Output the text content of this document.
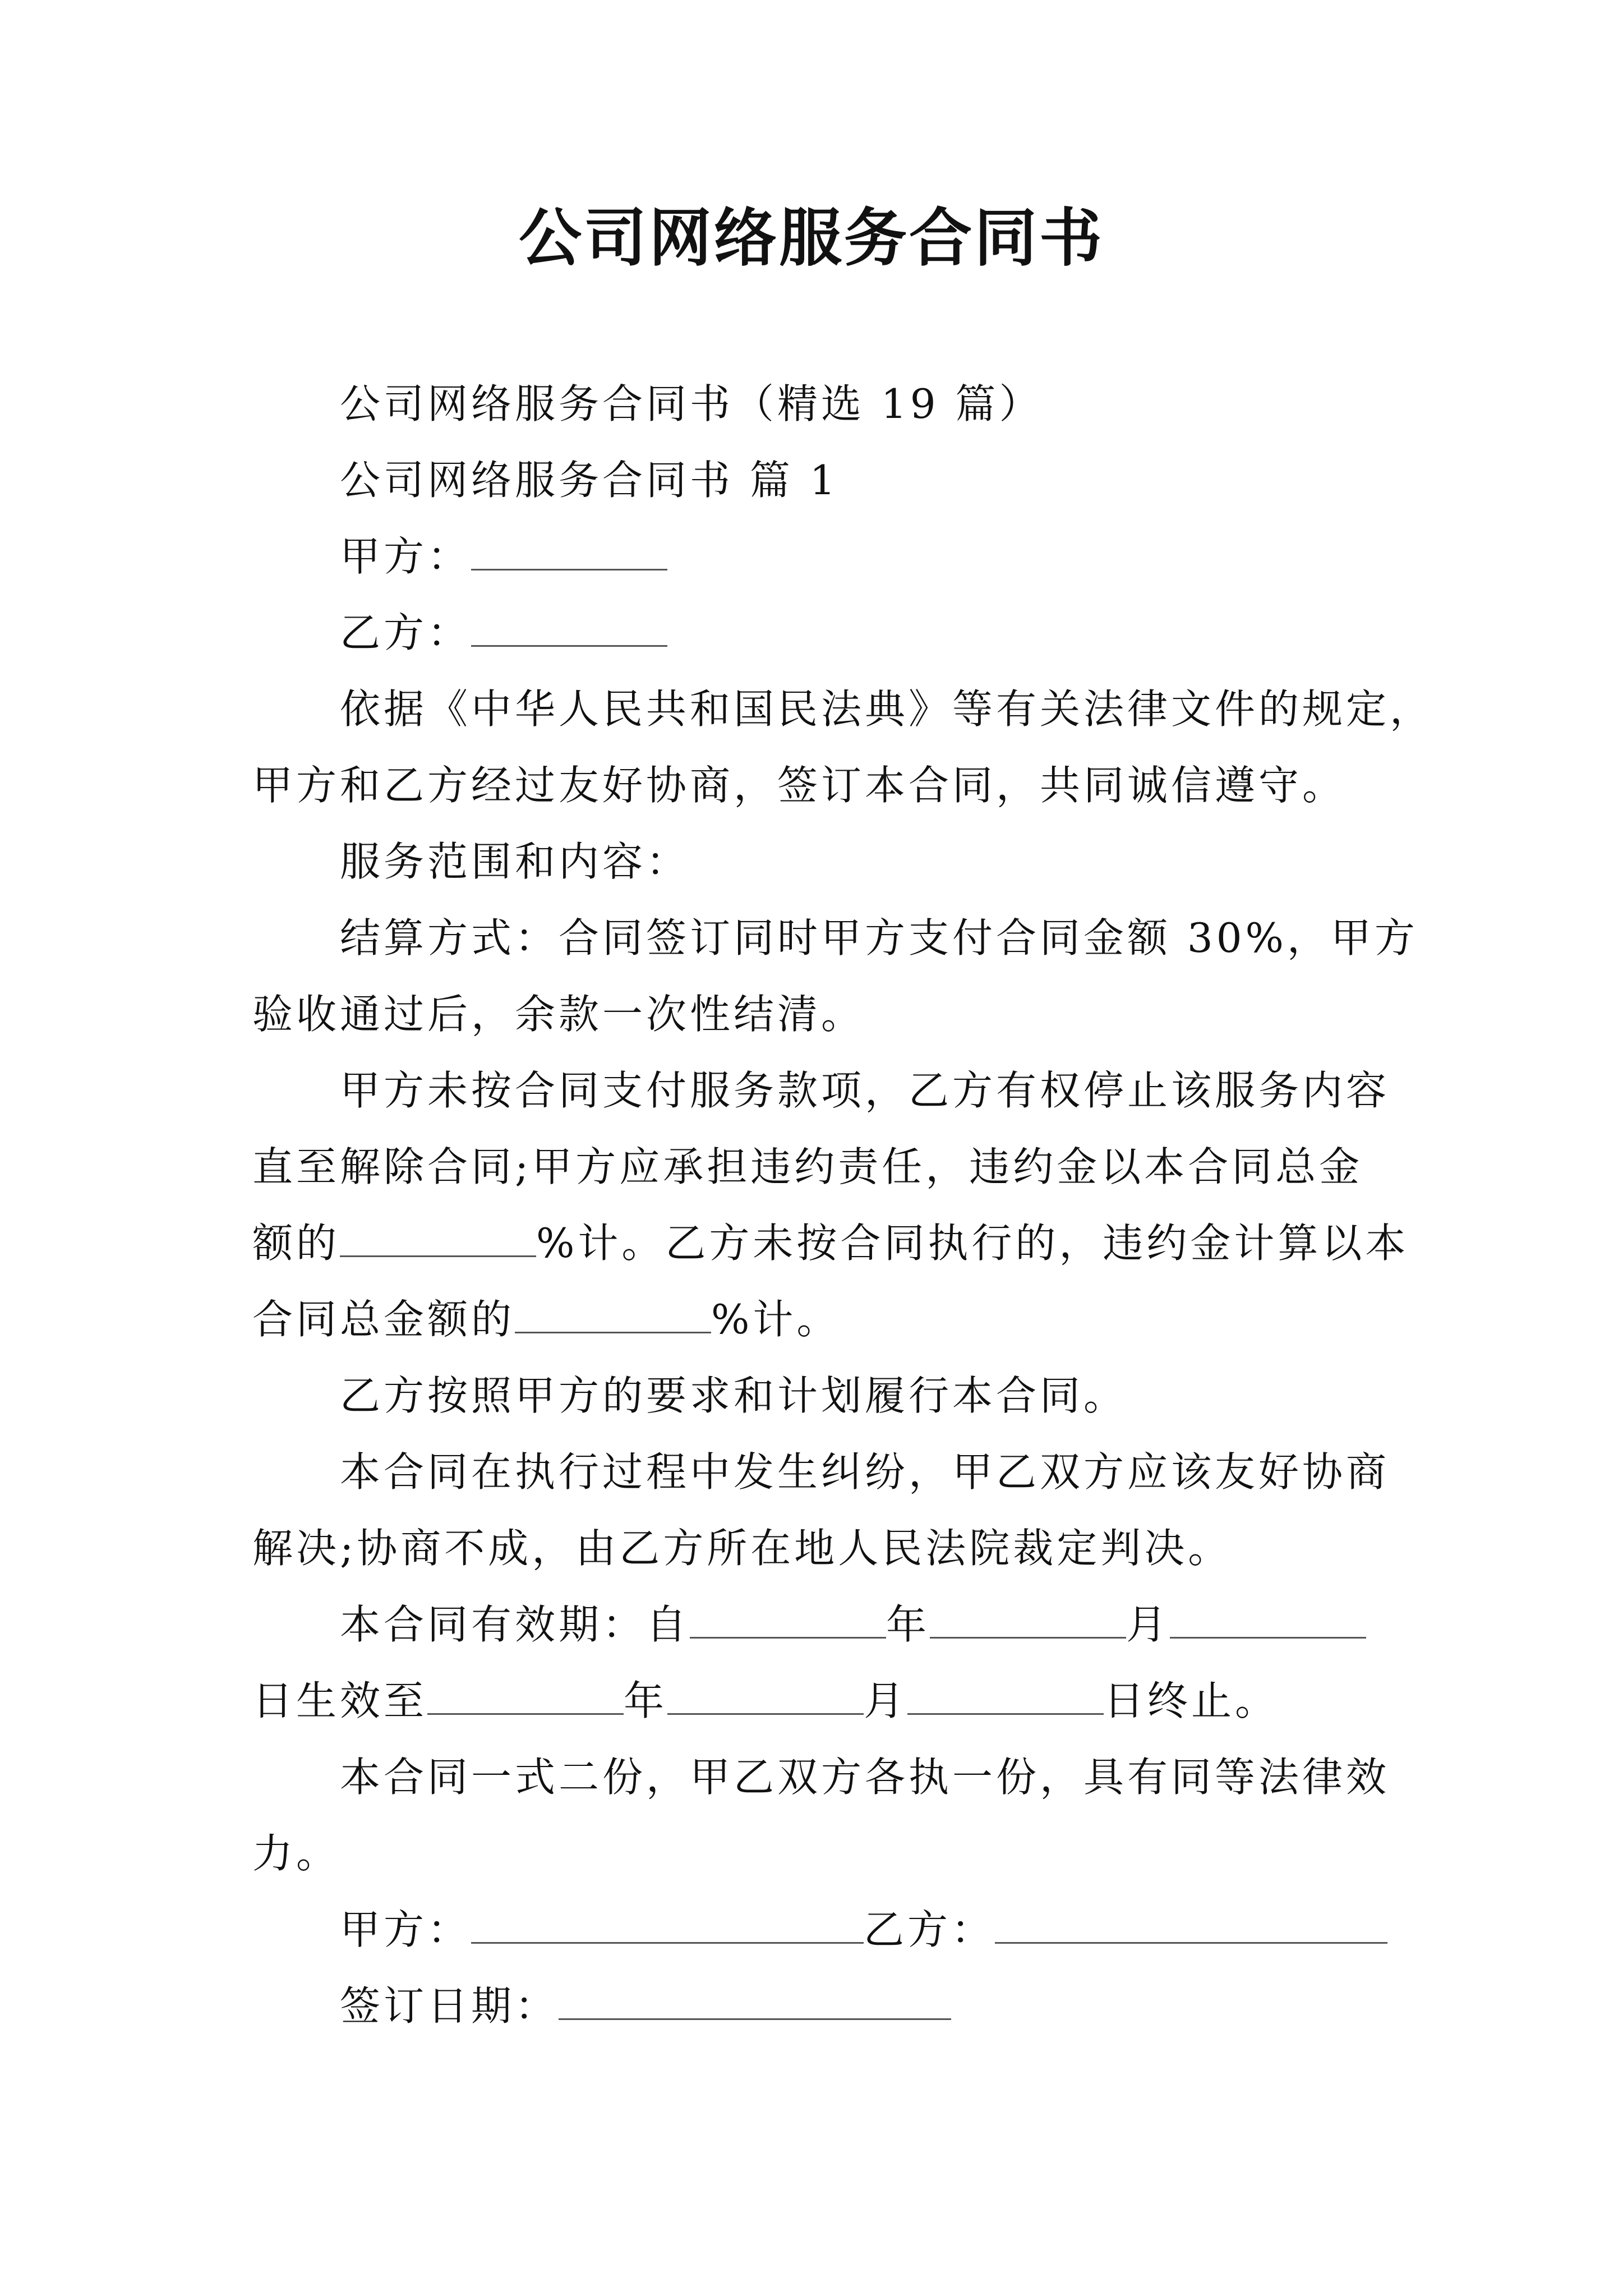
公司网络服务合同书
公司网络服务合同书（精选 19 篇）
公司网络服务合同书 篇 1
甲方：
乙方：
依据《中华人民共和国民法典》等有关法律文件的规定，
甲方和乙方经过友好协商，签订本合同，共同诚信遵守。
服务范围和内容：
结算方式：合同签订同时甲方支付合同金额 30%，甲方
验收通过后，余款一次性结清。
甲方未按合同支付服务款项，乙方有权停止该服务内容
直至解除合同;甲方应承担违约责任，违约金以本合同总金
额的	%计。乙方未按合同执行的，违约金计算以本
合同总金额的	%计。
乙方按照甲方的要求和计划履行本合同。
本合同在执行过程中发生纠纷，甲乙双方应该友好协商
解决;协商不成，由乙方所在地人民法院裁定判决。
本合同有效期：自	年	月
日生效至	年	月	日终止。
本合同一式二份，甲乙双方各执一份，具有同等法律效
力。
甲方：	乙方：
签订日期：
